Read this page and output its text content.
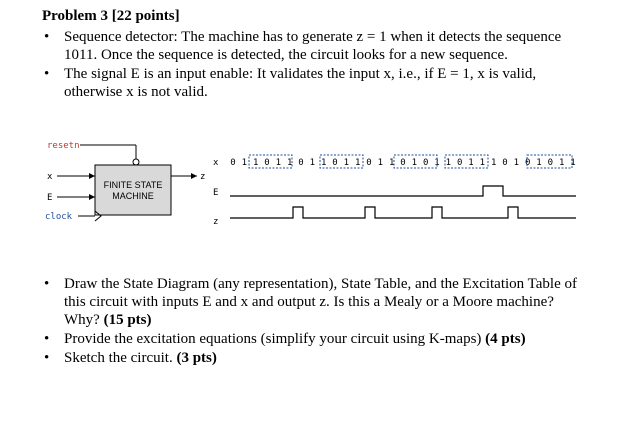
Problem 3 [22 points]
• Sequence detector: The machine has to generate z = 1 when it detects the sequence 1011. Once the sequence is detected, the circuit looks for a new sequence.
• The signal E is an input enable: It validates the input x, i.e., if E = 1, x is valid, otherwise x is not valid.
resetn
FINITE STATE
MACHINE
x
E
clock
z
x
E
z
0 1 1 0 1 1 0 1 1 0 1 1 0 1 1 0 1 0 1 1 0 1 1 1 0 1 0 1 0 1 1
• Draw the State Diagram (any representation), State Table, and the Excitation Table of this circuit with inputs E and x and output z. Is this a Mealy or a Moore machine? Why? (15 pts)
• Provide the excitation equations (simplify your circuit using K-maps) (4 pts)
• Sketch the circuit. (3 pts)
